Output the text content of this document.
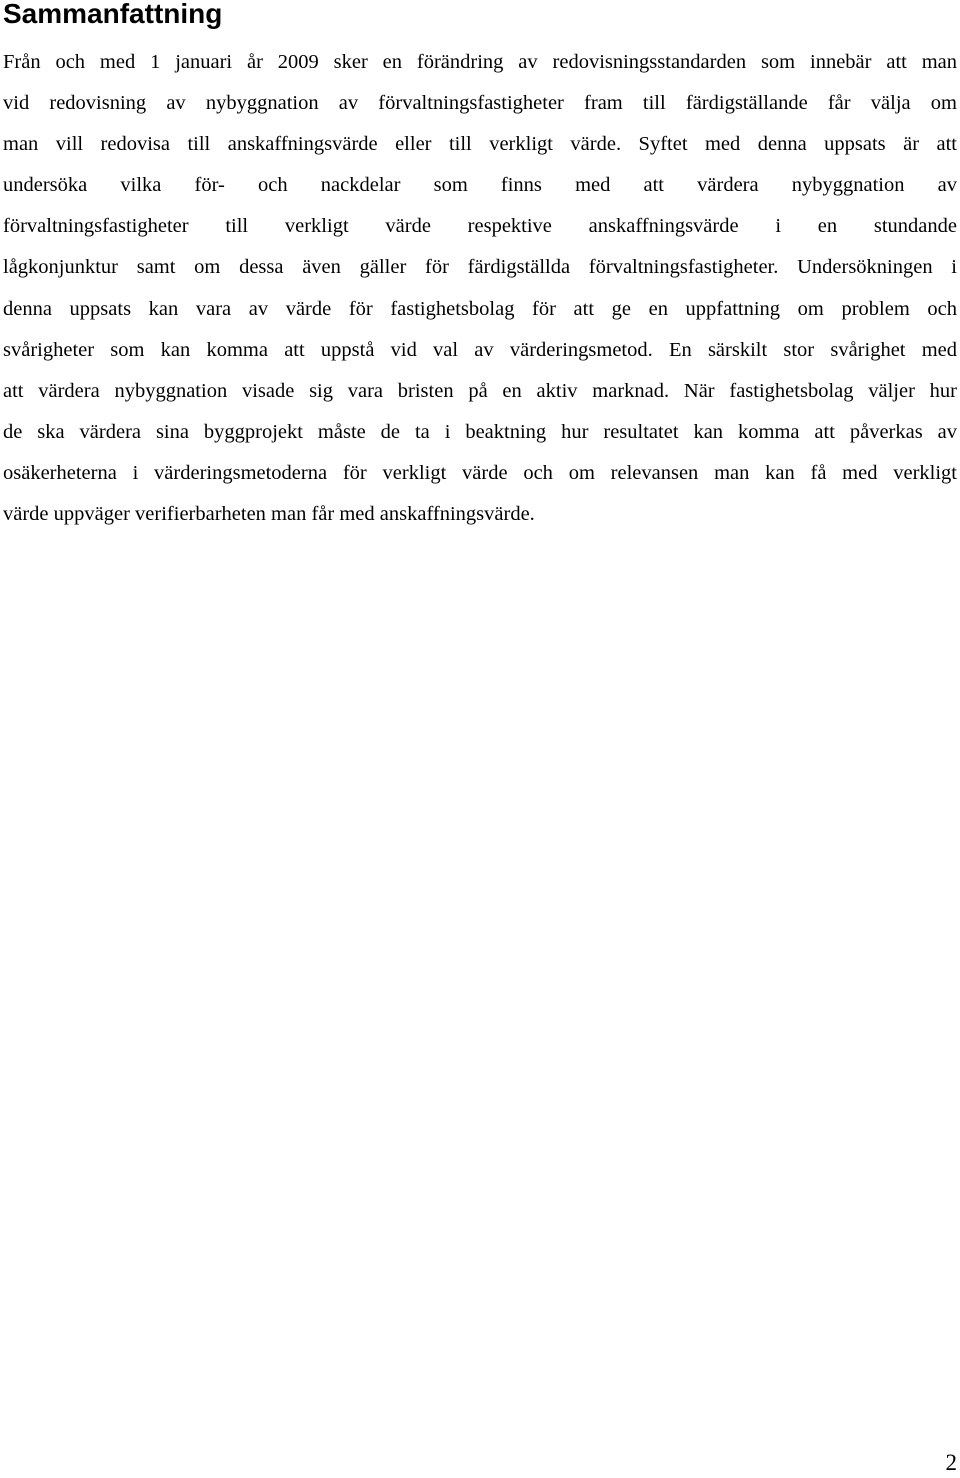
Sammanfattning
Från och med 1 januari år 2009 sker en förändring av redovisningsstandarden som innebär att man
vid redovisning av nybyggnation av förvaltningsfastigheter fram till färdigställande får välja om
man vill redovisa till anskaffningsvärde eller till verkligt värde. Syftet med denna uppsats är att
undersöka vilka för- och nackdelar som finns med att värdera nybyggnation av
förvaltningsfastigheter till verkligt värde respektive anskaffningsvärde i en stundande
lågkonjunktur samt om dessa även gäller för färdigställda förvaltningsfastigheter. Undersökningen i
denna uppsats kan vara av värde för fastighetsbolag för att ge en uppfattning om problem och
svårigheter som kan komma att uppstå vid val av värderingsmetod. En särskilt stor svårighet med
att värdera nybyggnation visade sig vara bristen på en aktiv marknad. När fastighetsbolag väljer hur
de ska värdera sina byggprojekt måste de ta i beaktning hur resultatet kan komma att påverkas av
osäkerheterna i värderingsmetoderna för verkligt värde och om relevansen man kan få med verkligt
värde uppväger verifierbarheten man får med anskaffningsvärde.
2
